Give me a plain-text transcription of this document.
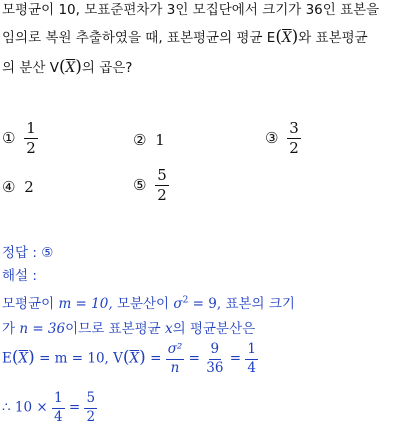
모평균이 10, 모표준편차가 3인 모집단에서 크기가 36인 표본을
임의로 복원 추출하였을 때, 표본평균의 평균 $E(\overline{X})$와 표본평균
의 분산 $V(\overline{X})$의 곱은?
① $\frac{1}{2}$	② 1	③ $\frac{3}{2}$
④ 2	⑤ $\frac{5}{2}$
정답 : ⑤
해설 :
모평균이 m = 10, 모분산이 $\sigma^2 = 9$, 표본의 크기
가 n = 36이므로 표본평균 x의 평균분산은
$E(\overline{X}) = m = 10$, $V(\overline{X}) = \frac{\text{σ²}}{n} = \frac{9}{36} = \frac{1}{4}$
∴ $10 \times \frac{1}{4} = \frac{5}{2}$
